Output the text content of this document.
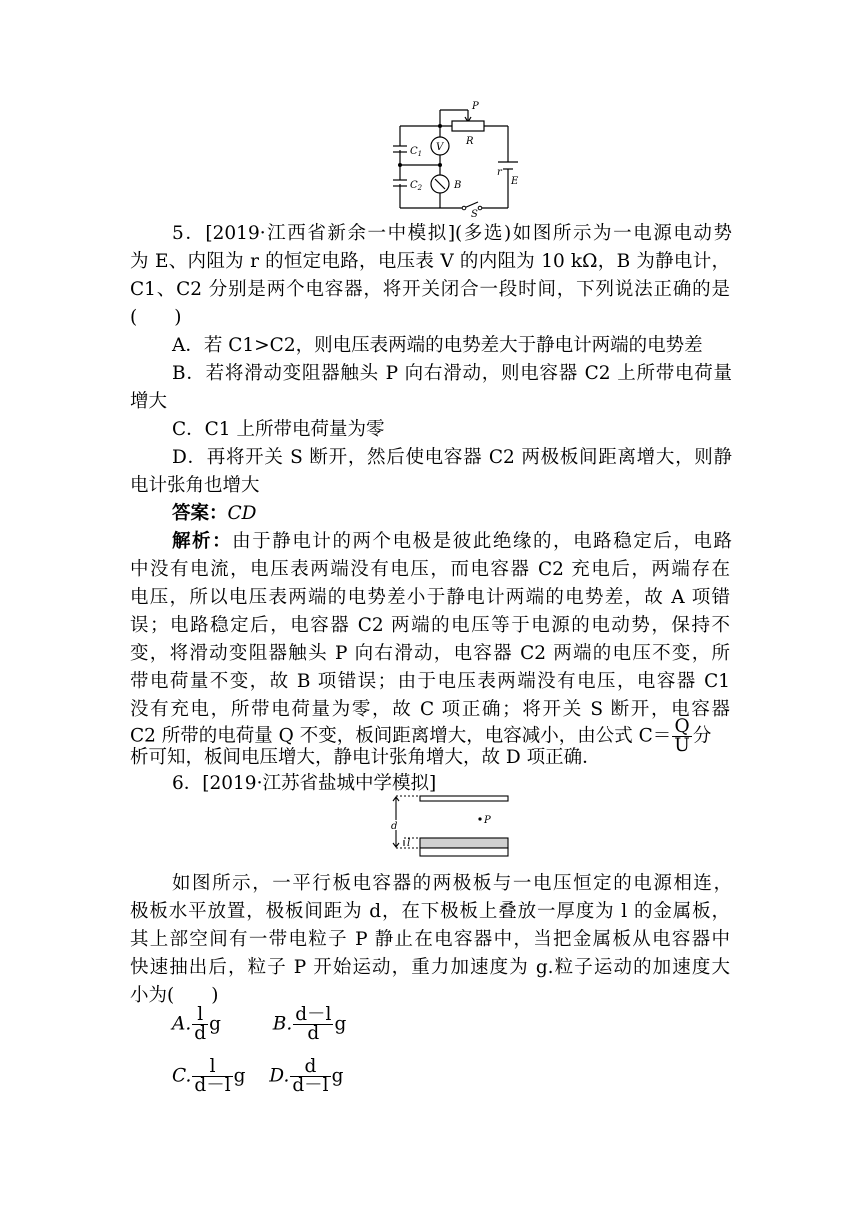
P
R
V
B
$C_1$
$C_2$
r
E
S
5．[2019·江西省新余一中模拟](多选)如图所示为一电源电动势
为 E、内阻为 r 的恒定电路，电压表 V 的内阻为 10 kΩ，B 为静电计，
C1、C2 分别是两个电容器，将开关闭合一段时间，下列说法正确的是
(　　)
A．若 C1>C2，则电压表两端的电势差大于静电计两端的电势差
B．若将滑动变阻器触头 P 向右滑动，则电容器 C2 上所带电荷量
增大
C．C1 上所带电荷量为零
D．再将开关 S 断开，然后使电容器 C2 两极板间距离增大，则静
电计张角也增大
答案：CD
解析：由于静电计的两个电极是彼此绝缘的，电路稳定后，电路
中没有电流，电压表两端没有电压，而电容器 C2 充电后，两端存在
电压，所以电压表两端的电势差小于静电计两端的电势差，故 A 项错
误；电路稳定后，电容器 C2 两端的电压等于电源的电动势，保持不
变，将滑动变阻器触头 P 向右滑动，电容器 C2 两端的电压不变，所
带电荷量不变，故 B 项错误；由于电压表两端没有电压，电容器 C1
没有充电，所带电荷量为零，故 C 项正确；将开关 S 断开，电容器
C2 所带的电荷量 Q 不变，板间距离增大，电容减小，由公式 $C= \frac{Q}{U}$ 分
析可知，板间电压增大，静电计张角增大，故 D 项正确．
6．[2019·江苏省盐城中学模拟]
d
l
P
如图所示，一平行板电容器的两极板与一电压恒定的电源相连，
极板水平放置，极板间距为 d，在下极板上叠放一厚度为 l 的金属板，
其上部空间有一带电粒子 P 静止在电容器中，当把金属板从电容器中
快速抽出后，粒子 P 开始运动，重力加速度为 g.粒子运动的加速度大
小为(　　)
A. $\frac{l}{d}$ g	B. $\frac{d-l}{d}$ g
C. $\frac{l}{d-l}$ g D. $\frac{d}{d-l}$ g
